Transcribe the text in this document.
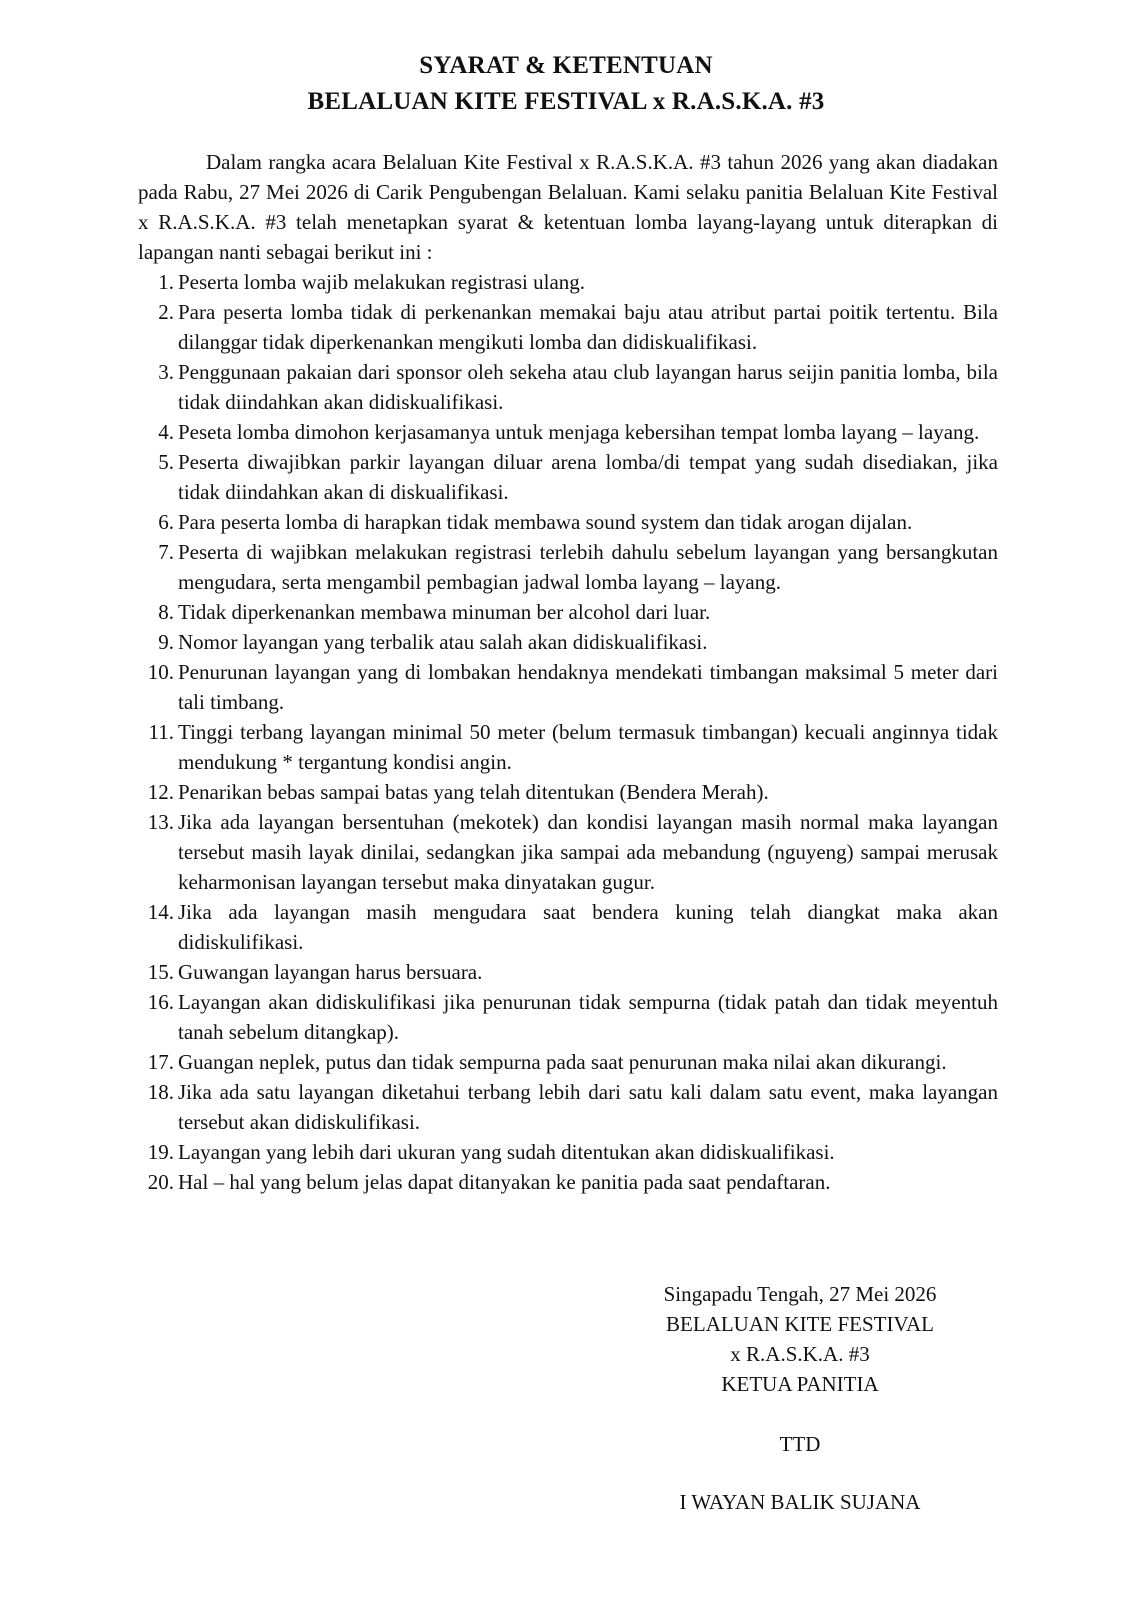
SYARAT & KETENTUAN
BELALUAN KITE FESTIVAL x R.A.S.K.A. #3

Dalam rangka acara Belaluan Kite Festival x R.A.S.K.A. #3 tahun 2026 yang akan diadakan pada Rabu, 27 Mei 2026 di Carik Pengubengan Belaluan. Kami selaku panitia Belaluan Kite Festival x R.A.S.K.A. #3 telah menetapkan syarat & ketentuan lomba layang-layang untuk diterapkan di lapangan nanti sebagai berikut ini :

1. Peserta lomba wajib melakukan registrasi ulang.
2. Para peserta lomba tidak di perkenankan memakai baju atau atribut partai poitik tertentu. Bila dilanggar tidak diperkenankan mengikuti lomba dan didiskualifikasi.
3. Penggunaan pakaian dari sponsor oleh sekeha atau club layangan harus seijin panitia lomba, bila tidak diindahkan akan didiskualifikasi.
4. Peseta lomba dimohon kerjasamanya untuk menjaga kebersihan tempat lomba layang – layang.
5. Peserta diwajibkan parkir layangan diluar arena lomba/di tempat yang sudah disediakan, jika tidak diindahkan akan di diskualifikasi.
6. Para peserta lomba di harapkan tidak membawa sound system dan tidak arogan dijalan.
7. Peserta di wajibkan melakukan registrasi terlebih dahulu sebelum layangan yang bersangkutan mengudara, serta mengambil pembagian jadwal lomba layang – layang.
8. Tidak diperkenankan membawa minuman ber alcohol dari luar.
9. Nomor layangan yang terbalik atau salah akan didiskualifikasi.
10. Penurunan layangan yang di lombakan hendaknya mendekati timbangan maksimal 5 meter dari tali timbang.
11. Tinggi terbang layangan minimal 50 meter (belum termasuk timbangan) kecuali anginnya tidak mendukung * tergantung kondisi angin.
12. Penarikan bebas sampai batas yang telah ditentukan (Bendera Merah).
13. Jika ada layangan bersentuhan (mekotek) dan kondisi layangan masih normal maka layangan tersebut masih layak dinilai, sedangkan jika sampai ada mebandung (nguyeng) sampai merusak keharmonisan layangan tersebut maka dinyatakan gugur.
14. Jika ada layangan masih mengudara saat bendera kuning telah diangkat maka akan didiskulifikasi.
15. Guwangan layangan harus bersuara.
16. Layangan akan didiskulifikasi jika penurunan tidak sempurna (tidak patah dan tidak meyentuh tanah sebelum ditangkap).
17. Guangan neplek, putus dan tidak sempurna pada saat penurunan maka nilai akan dikurangi.
18. Jika ada satu layangan diketahui terbang lebih dari satu kali dalam satu event, maka layangan tersebut akan didiskulifikasi.
19. Layangan yang lebih dari ukuran yang sudah ditentukan akan didiskualifikasi.
20. Hal – hal yang belum jelas dapat ditanyakan ke panitia pada saat pendaftaran.
Singapadu Tengah, 27 Mei 2026
BELALUAN KITE FESTIVAL
x R.A.S.K.A. #3
KETUA PANITIA
TTD
I WAYAN BALIK SUJANA
